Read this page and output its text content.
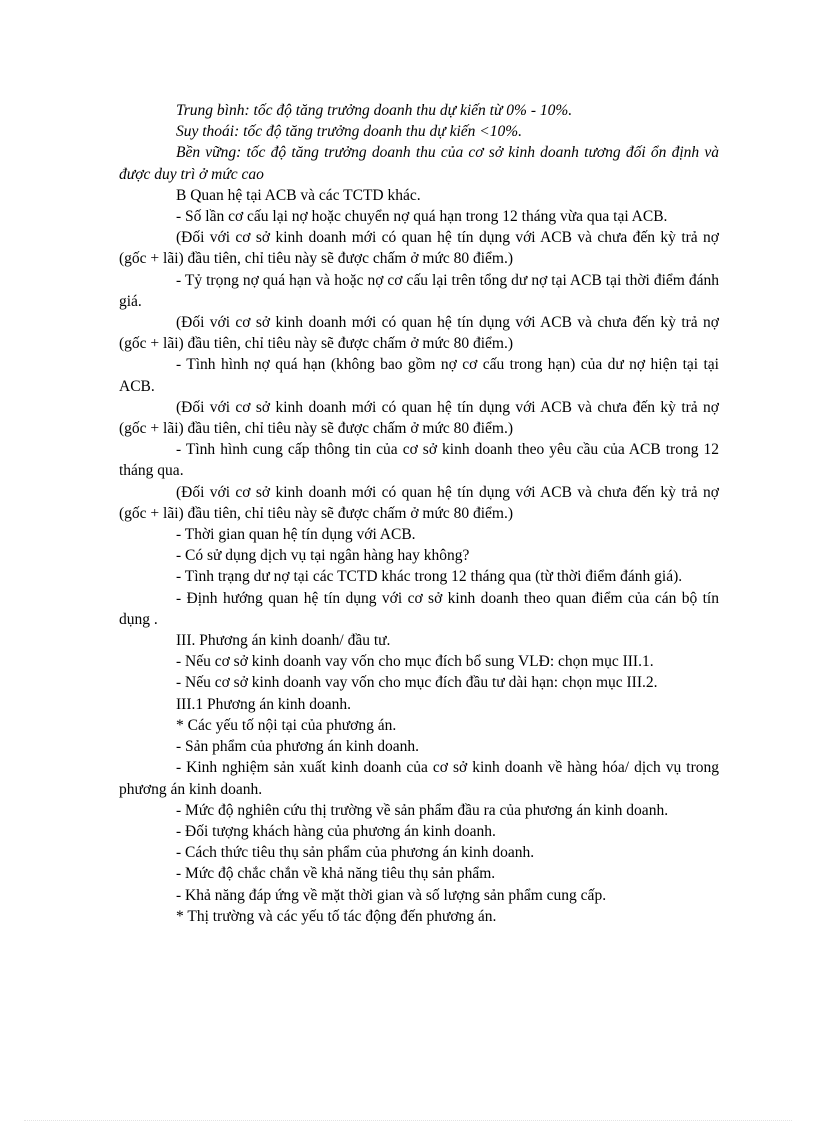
Trung bình: tốc độ tăng trưởng doanh thu dự kiến từ 0% - 10%.

Suy thoái: tốc độ tăng trưởng doanh thu dự kiến <10%.

Bền vững: tốc độ tăng trưởng doanh thu của cơ sở kinh doanh tương đối ổn định và được duy trì ở mức cao

B Quan hệ tại ACB và các TCTD khác.

- Số lần cơ cấu lại nợ hoặc chuyển nợ quá hạn trong 12 tháng vừa qua tại ACB.

(Đối với cơ sở kinh doanh mới có quan hệ tín dụng với ACB và chưa đến kỳ trả nợ (gốc + lãi) đầu tiên, chỉ tiêu này sẽ được chấm ở mức 80 điểm.)

- Tỷ trọng nợ quá hạn và hoặc nợ cơ cấu lại trên tổng dư nợ tại ACB tại thời điểm đánh giá.

(Đối với cơ sở kinh doanh mới có quan hệ tín dụng với ACB và chưa đến kỳ trả nợ (gốc + lãi) đầu tiên, chỉ tiêu này sẽ được chấm ở mức 80 điểm.)

- Tình hình nợ quá hạn (không bao gồm nợ cơ cấu trong hạn) của dư nợ hiện tại tại ACB.

(Đối với cơ sở kinh doanh mới có quan hệ tín dụng với ACB và chưa đến kỳ trả nợ (gốc + lãi) đầu tiên, chỉ tiêu này sẽ được chấm ở mức 80 điểm.)

- Tình hình cung cấp thông tin của cơ sở kinh doanh theo yêu cầu của ACB trong 12 tháng qua.

(Đối với cơ sở kinh doanh mới có quan hệ tín dụng với ACB và chưa đến kỳ trả nợ (gốc + lãi) đầu tiên, chỉ tiêu này sẽ được chấm ở mức 80 điểm.)

- Thời gian quan hệ tín dụng với ACB.

- Có sử dụng dịch vụ tại ngân hàng hay không?

- Tình trạng dư nợ tại các TCTD khác trong 12 tháng qua (từ thời điểm đánh giá).

- Định hướng quan hệ tín dụng với cơ sở kinh doanh theo quan điểm của cán bộ tín dụng .

III. Phương án kinh doanh/ đầu tư.

- Nếu cơ sở kinh doanh vay vốn cho mục đích bổ sung VLĐ: chọn mục III.1.

- Nếu cơ sở kinh doanh vay vốn cho mục đích đầu tư dài hạn: chọn mục III.2.

III.1 Phương án kinh doanh.

* Các yếu tố nội tại của phương án.

- Sản phẩm của phương án kinh doanh.

- Kinh nghiệm sản xuất kinh doanh của cơ sở kinh doanh về hàng hóa/ dịch vụ trong phương án kinh doanh.

- Mức độ nghiên cứu thị trường về sản phẩm đầu ra của phương án kinh doanh.

- Đối tượng khách hàng của phương án kinh doanh.

- Cách thức tiêu thụ sản phẩm của phương án kinh doanh.

- Mức độ chắc chắn về khả năng tiêu thụ sản phẩm.

- Khả năng đáp ứng về mặt thời gian và số lượng sản phẩm cung cấp.

* Thị trường và các yếu tố tác động đến phương án.
